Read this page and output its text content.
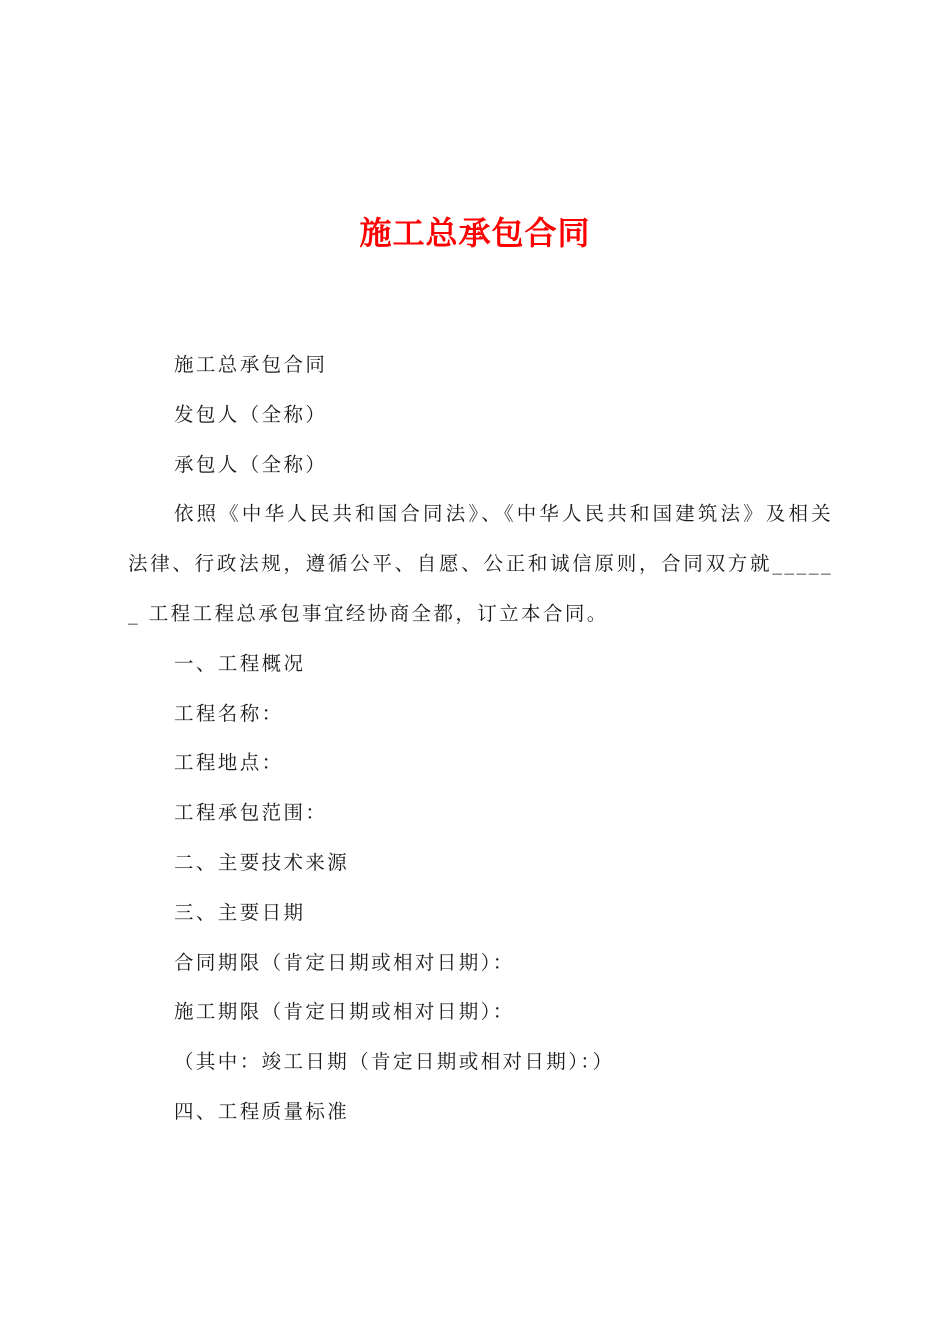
施工总承包合同

施工总承包合同

发包人（全称）

承包人（全称）

依照《中华人民共和国合同法》、《中华人民共和国建筑法》及相关法律、行政法规，遵循公平、自愿、公正和诚信原则，合同双方就______ 工程工程总承包事宜经协商全都，订立本合同。

一、工程概况

工程名称：

工程地点：

工程承包范围：

二、主要技术来源

三、主要日期

合同期限（肯定日期或相对日期）：

施工期限（肯定日期或相对日期）：

（其中：竣工日期（肯定日期或相对日期）：）

四、工程质量标准
